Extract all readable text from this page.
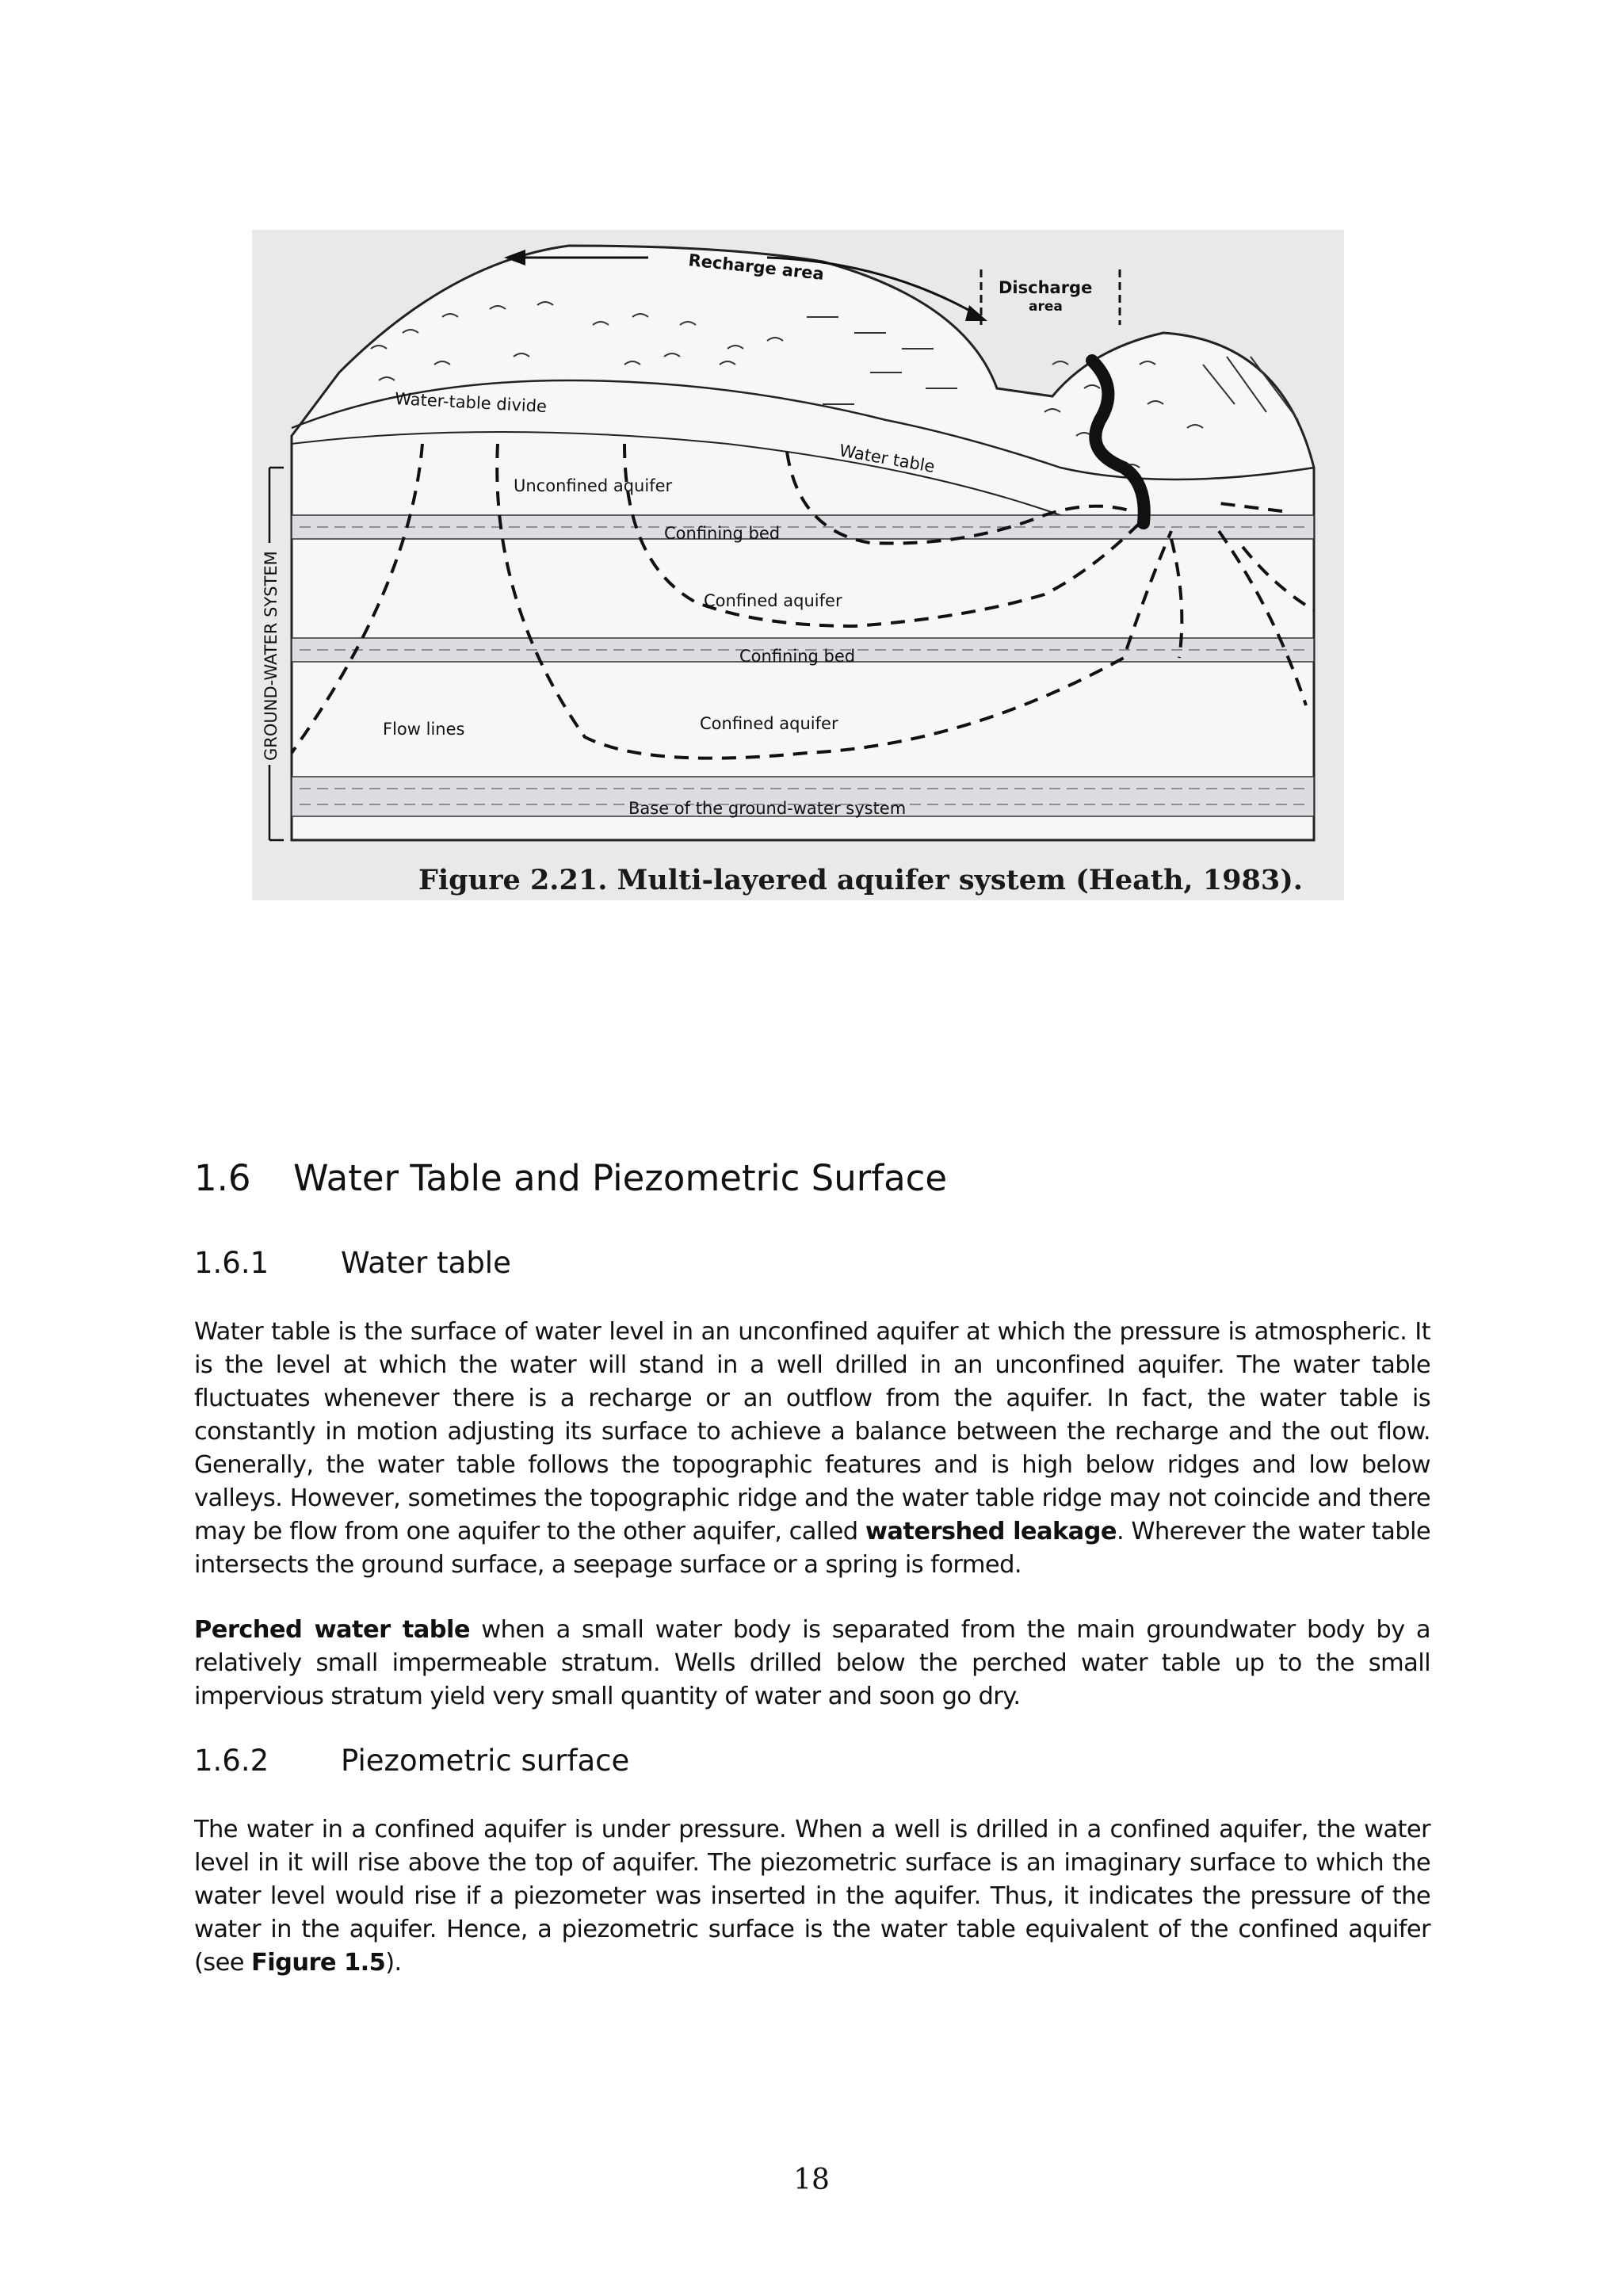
GROUND-WATER SYSTEM
Recharge area
Discharge
area
Water-table divide
Water table
Unconfined aquifer
Confining bed
Confined aquifer
Confining bed
Confined aquifer
Flow lines
Base of the ground-water system
Figure 2.21. Multi-layered aquifer system (Heath, 1983).
1.6 Water Table and Piezometric Surface
1.6.1 Water table

Water table is the surface of water level in an unconfined aquifer at which the pressure is atmospheric. It is the level at which the water will stand in a well drilled in an unconfined aquifer. The water table fluctuates whenever there is a recharge or an outflow from the aquifer. In fact, the water table is constantly in motion adjusting its surface to achieve a balance between the recharge and the out flow. Generally, the water table follows the topographic features and is high below ridges and low below valleys. However, sometimes the topographic ridge and the water table ridge may not coincide and there may be flow from one aquifer to the other aquifer, called watershed leakage. Wherever the water table intersects the ground surface, a seepage surface or a spring is formed.

Perched water table when a small water body is separated from the main groundwater body by a relatively small impermeable stratum. Wells drilled below the perched water table up to the small impervious stratum yield very small quantity of water and soon go dry.

1.6.2 Piezometric surface

The water in a confined aquifer is under pressure. When a well is drilled in a confined aquifer, the water level in it will rise above the top of aquifer. The piezometric surface is an imaginary surface to which the water level would rise if a piezometer was inserted in the aquifer. Thus, it indicates the pressure of the water in the aquifer. Hence, a piezometric surface is the water table equivalent of the confined aquifer (see Figure 1.5).

18
